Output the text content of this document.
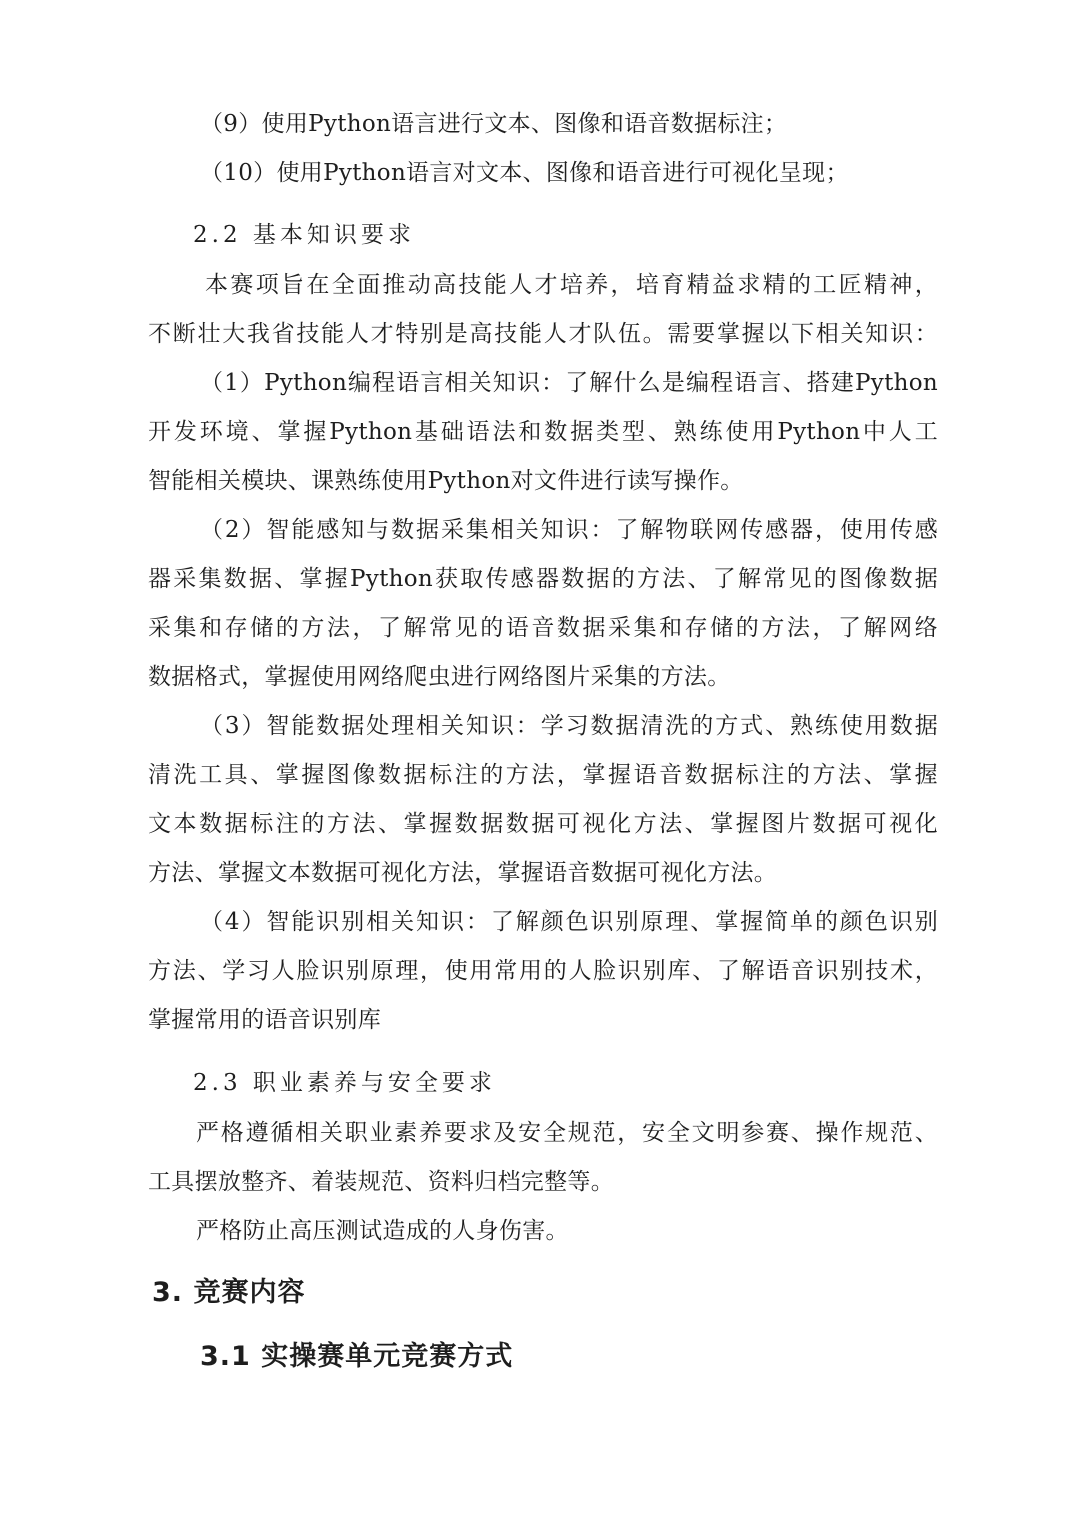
（9）使用Python语言进行文本、图像和语音数据标注；
（10）使用Python语言对文本、图像和语音进行可视化呈现；
2.2 基本知识要求
本赛项旨在全面推动高技能人才培养，培育精益求精的工匠精神，
不断壮大我省技能人才特别是高技能人才队伍。需要掌握以下相关知识：
（1）Python编程语言相关知识：了解什么是编程语言、搭建Python
开发环境、掌握Python基础语法和数据类型、熟练使用Python中人工
智能相关模块、课熟练使用Python对文件进行读写操作。
（2）智能感知与数据采集相关知识：了解物联网传感器，使用传感
器采集数据、掌握Python获取传感器数据的方法、了解常见的图像数据
采集和存储的方法，了解常见的语音数据采集和存储的方法，了解网络
数据格式，掌握使用网络爬虫进行网络图片采集的方法。
（3）智能数据处理相关知识：学习数据清洗的方式、熟练使用数据
清洗工具、掌握图像数据标注的方法，掌握语音数据标注的方法、掌握
文本数据标注的方法、掌握数据数据可视化方法、掌握图片数据可视化
方法、掌握文本数据可视化方法，掌握语音数据可视化方法。
（4）智能识别相关知识：了解颜色识别原理、掌握简单的颜色识别
方法、学习人脸识别原理，使用常用的人脸识别库、了解语音识别技术，
掌握常用的语音识别库
2.3 职业素养与安全要求
严格遵循相关职业素养要求及安全规范，安全文明参赛、操作规范、
工具摆放整齐、着装规范、资料归档完整等。
严格防止高压测试造成的人身伤害。
3. 竞赛内容
3.1 实操赛单元竞赛方式
